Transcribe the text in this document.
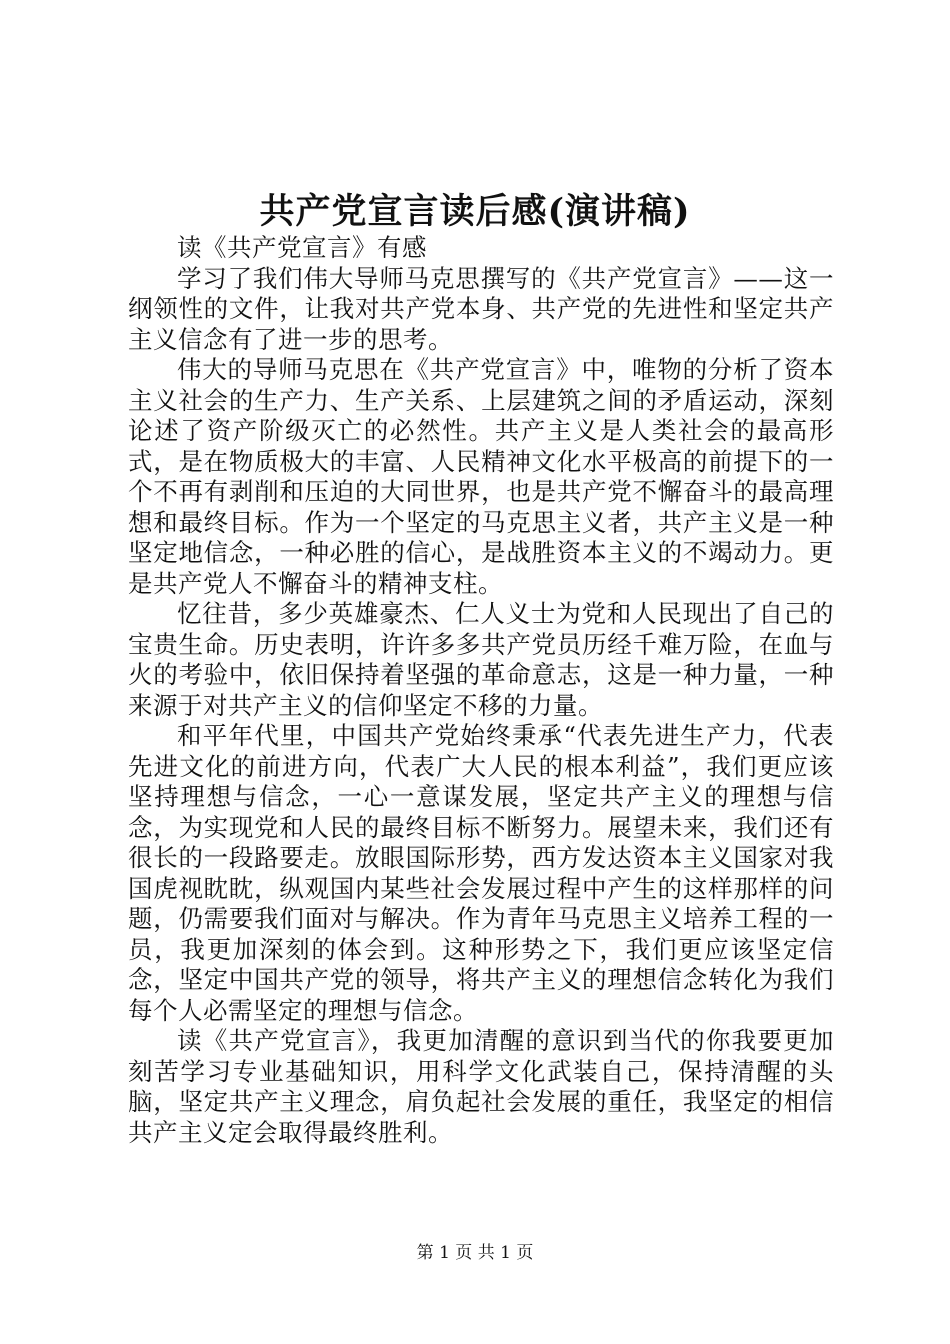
共产党宣言读后感(演讲稿)

读《共产党宣言》有感

学习了我们伟大导师马克思撰写的《共产党宣言》——这一纲领性的文件，让我对共产党本身、共产党的先进性和坚定共产主义信念有了进一步的思考。

伟大的导师马克思在《共产党宣言》中，唯物的分析了资本主义社会的生产力、生产关系、上层建筑之间的矛盾运动，深刻论述了资产阶级灭亡的必然性。共产主义是人类社会的最高形式，是在物质极大的丰富、人民精神文化水平极高的前提下的一个不再有剥削和压迫的大同世界，也是共产党不懈奋斗的最高理想和最终目标。作为一个坚定的马克思主义者，共产主义是一种坚定地信念，一种必胜的信心，是战胜资本主义的不竭动力。更是共产党人不懈奋斗的精神支柱。

忆往昔，多少英雄豪杰、仁人义士为党和人民现出了自己的宝贵生命。历史表明，许许多多共产党员历经千难万险，在血与火的考验中，依旧保持着坚强的革命意志，这是一种力量，一种来源于对共产主义的信仰坚定不移的力量。

和平年代里，中国共产党始终秉承“代表先进生产力，代表先进文化的前进方向，代表广大人民的根本利益”，我们更应该坚持理想与信念，一心一意谋发展，坚定共产主义的理想与信念，为实现党和人民的最终目标不断努力。展望未来，我们还有很长的一段路要走。放眼国际形势，西方发达资本主义国家对我国虎视眈眈，纵观国内某些社会发展过程中产生的这样那样的问题，仍需要我们面对与解决。作为青年马克思主义培养工程的一员，我更加深刻的体会到。这种形势之下，我们更应该坚定信念，坚定中国共产党的领导，将共产主义的理想信念转化为我们每个人必需坚定的理想与信念。

读《共产党宣言》，我更加清醒的意识到当代的你我要更加刻苦学习专业基础知识，用科学文化武装自己，保持清醒的头脑，坚定共产主义理念，肩负起社会发展的重任，我坚定的相信共产主义定会取得最终胜利。

第 1 页 共 1 页
